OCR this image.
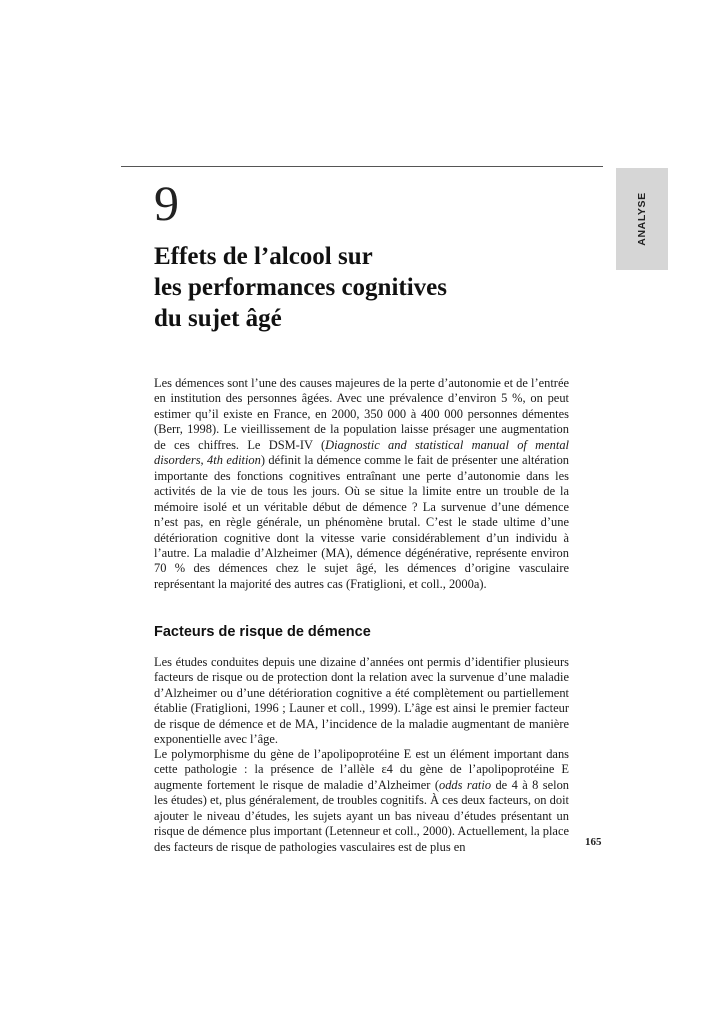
ANALYSE
9
Effets de l’alcool sur
les performances cognitives
du sujet âgé

Les démences sont l’une des causes majeures de la perte d’autonomie et de l’entrée en institution des personnes âgées. Avec une prévalence d’environ 5 %, on peut estimer qu’il existe en France, en 2000, 350 000 à 400 000 personnes démentes (Berr, 1998). Le vieillissement de la population laisse présager une augmentation de ces chiffres. Le DSM-IV (Diagnostic and statistical manual of mental disorders, 4th edition) définit la démence comme le fait de présenter une altération importante des fonctions cognitives entraînant une perte d’autonomie dans les activités de la vie de tous les jours. Où se situe la limite entre un trouble de la mémoire isolé et un véritable début de démence ? La survenue d’une démence n’est pas, en règle générale, un phénomène brutal. C’est le stade ultime d’une détérioration cognitive dont la vitesse varie considérablement d’un individu à l’autre. La maladie d’Alzheimer (MA), démence dégénérative, représente environ 70 % des démences chez le sujet âgé, les démences d’origine vasculaire représentant la majorité des autres cas (Fratiglioni, et coll., 2000a).

Facteurs de risque de démence

Les études conduites depuis une dizaine d’années ont permis d’identifier plusieurs facteurs de risque ou de protection dont la relation avec la survenue d’une maladie d’Alzheimer ou d’une détérioration cognitive a été complètement ou partiellement établie (Fratiglioni, 1996 ; Launer et coll., 1999). L’âge est ainsi le premier facteur de risque de démence et de MA, l’incidence de la maladie augmentant de manière exponentielle avec l’âge.

Le polymorphisme du gène de l’apolipoprotéine E est un élément important dans cette pathologie : la présence de l’allèle ε4 du gène de l’apolipoprotéine E augmente fortement le risque de maladie d’Alzheimer (odds ratio de 4 à 8 selon les études) et, plus généralement, de troubles cognitifs. À ces deux facteurs, on doit ajouter le niveau d’études, les sujets ayant un bas niveau d’études présentant un risque de démence plus important (Letenneur et coll., 2000). Actuellement, la place des facteurs de risque de pathologies vasculaires est de plus en	165
